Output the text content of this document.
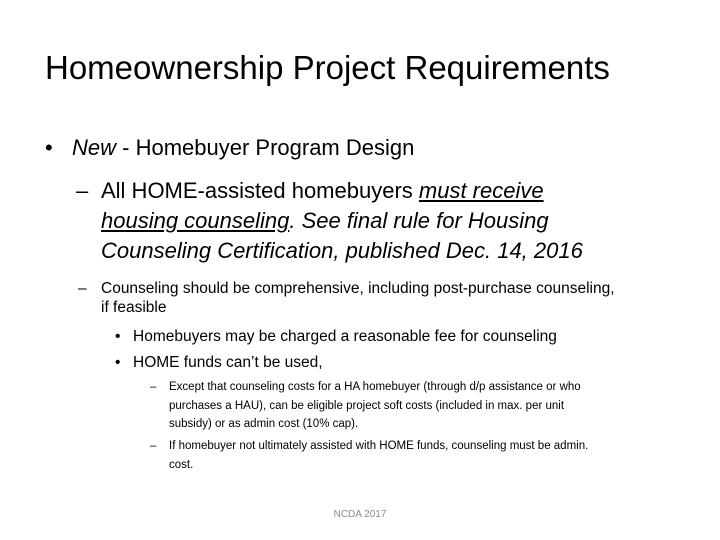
Homeownership Project Requirements
• New - Homebuyer Program Design
– All HOME-assisted homebuyers must receive
housing counseling. See final rule for Housing
Counseling Certification, published Dec. 14, 2016
– Counseling should be comprehensive, including post-purchase counseling,
if feasible
• Homebuyers may be charged a reasonable fee for counseling
• HOME funds can’t be used,
– Except that counseling costs for a HA homebuyer (through d/p assistance or who
purchases a HAU), can be eligible project soft costs (included in max. per unit
subsidy) or as admin cost (10% cap).
– If homebuyer not ultimately assisted with HOME funds, counseling must be admin.
cost.
NCDA 2017
